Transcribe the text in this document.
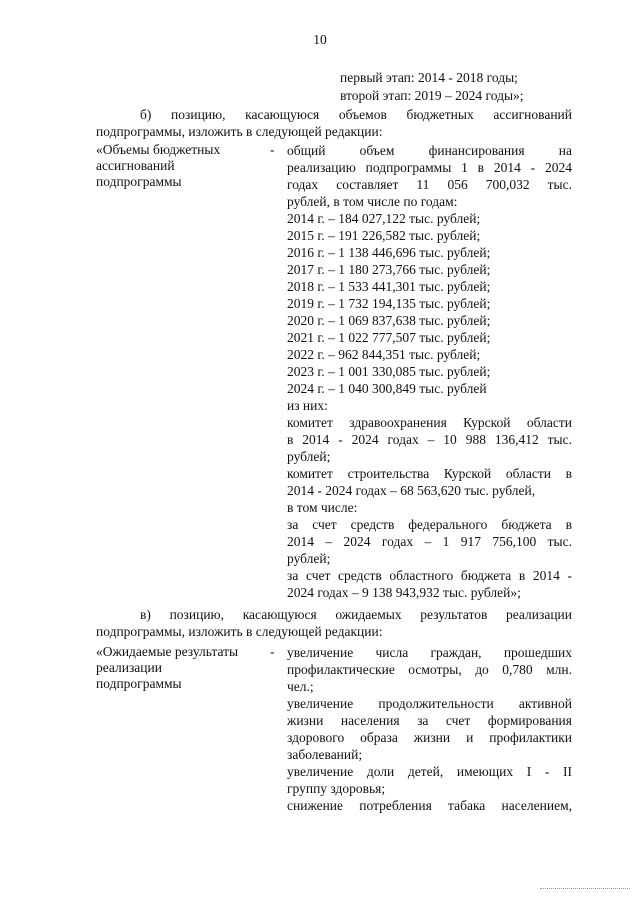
10
первый этап: 2014 - 2018 годы;
второй этап: 2019 – 2024 годы»;
б) позицию, касающуюся объемов бюджетных ассигнований
подпрограммы, изложить в следующей редакции:
«Объемы бюджетных
ассигнований
подпрограммы
- общий объем финансирования на
реализацию подпрограммы 1 в 2014 - 2024
годах составляет 11 056 700,032 тыс.
рублей, в том числе по годам:
2014 г. – 184 027,122 тыс. рублей;
2015 г. – 191 226,582 тыс. рублей;
2016 г. – 1 138 446,696 тыс. рублей;
2017 г. – 1 180 273,766 тыс. рублей;
2018 г. – 1 533 441,301 тыс. рублей;
2019 г. – 1 732 194,135 тыс. рублей;
2020 г. – 1 069 837,638 тыс. рублей;
2021 г. – 1 022 777,507 тыс. рублей;
2022 г. – 962 844,351 тыс. рублей;
2023 г. – 1 001 330,085 тыс. рублей;
2024 г. – 1 040 300,849 тыс. рублей
из них:
комитет здравоохранения Курской области
в 2014 - 2024 годах – 10 988 136,412 тыс.
рублей;
комитет строительства Курской области в
2014 - 2024 годах – 68 563,620 тыс. рублей,
в том числе:
за счет средств федерального бюджета в
2014 – 2024 годах – 1 917 756,100 тыс.
рублей;
за счет средств областного бюджета в 2014 -
2024 годах – 9 138 943,932 тыс. рублей»;
в) позицию, касающуюся ожидаемых результатов реализации
подпрограммы, изложить в следующей редакции:
«Ожидаемые результаты
реализации
подпрограммы
- увеличение числа граждан, прошедших
профилактические осмотры, до 0,780 млн.
чел.;
увеличение продолжительности активной
жизни населения за счет формирования
здорового образа жизни и профилактики
заболеваний;
увеличение доли детей, имеющих I - II
группу здоровья;
снижение потребления табака населением,
